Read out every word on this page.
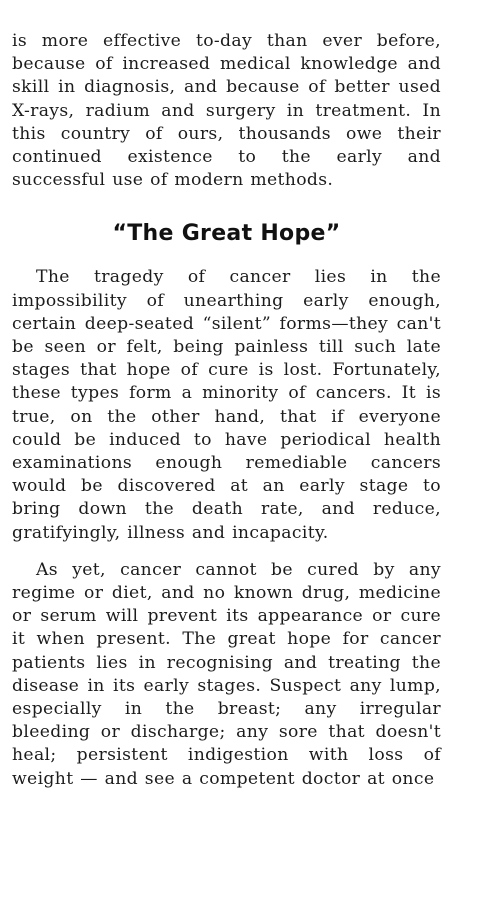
is more effective to-day than ever before, because of increased medical knowledge and skill in diagnosis, and because of better used X-rays, radium and surgery in treatment. In this country of ours, thousands owe their continued existence to the early and successful use of modern methods.

“The Great Hope”

The tragedy of cancer lies in the impossibility of unearthing early enough, certain deep-seated “silent” forms—they can't be seen or felt, being painless till such late stages that hope of cure is lost. Fortunately, these types form a minority of cancers. It is true, on the other hand, that if everyone could be induced to have periodical health examinations enough remediable cancers would be discovered at an early stage to bring down the death rate, and reduce, gratifyingly, illness and incapacity.

As yet, cancer cannot be cured by any regime or diet, and no known drug, medicine or serum will prevent its appearance or cure it when present. The great hope for cancer patients lies in recognising and treating the disease in its early stages. Suspect any lump, especially in the breast; any irregular bleeding or discharge; any sore that doesn't heal; persistent indigestion with loss of weight — and see a competent doctor at once
